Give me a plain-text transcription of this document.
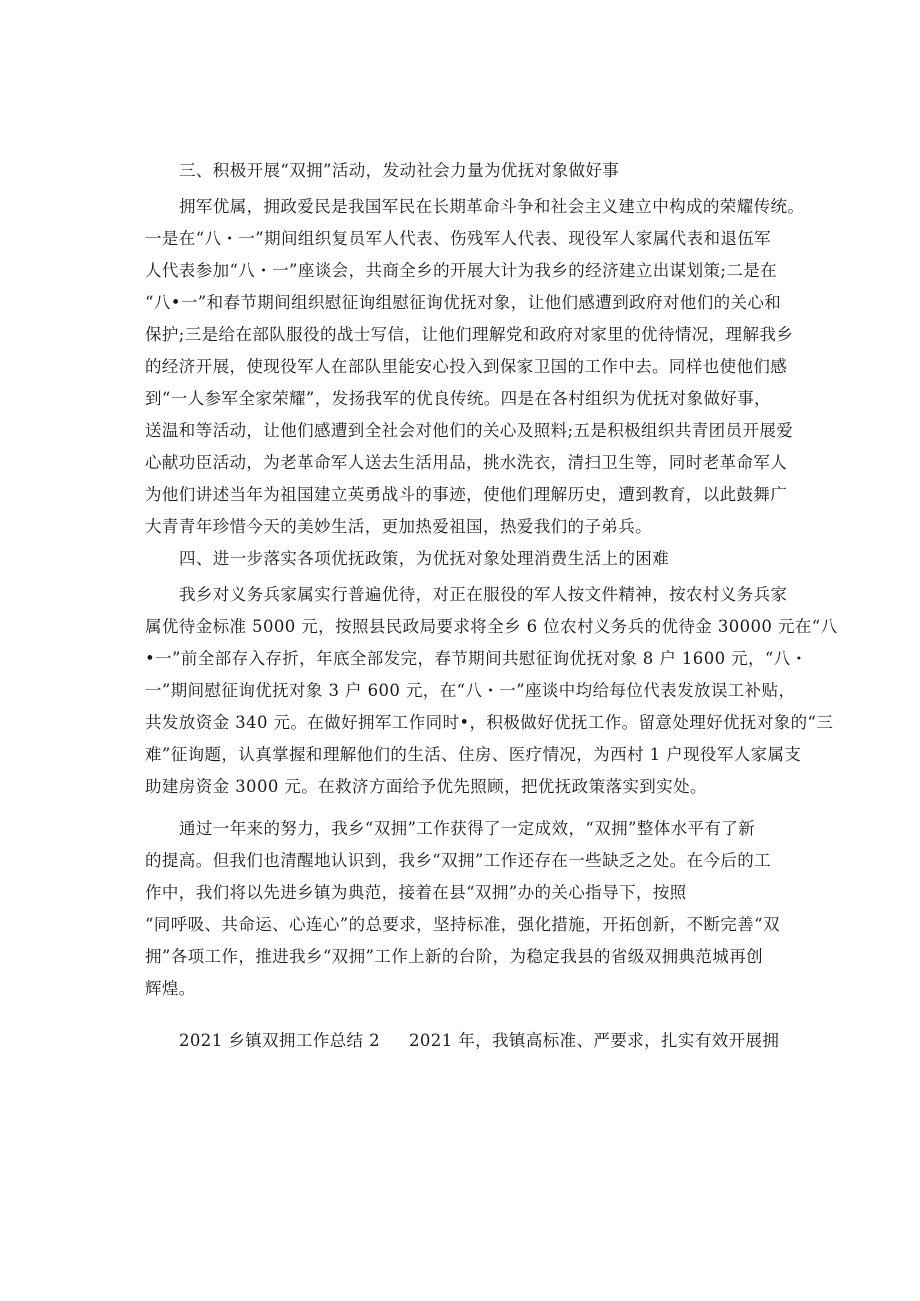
三、积极开展“双拥”活动，发动社会力量为优抚对象做好事
拥军优属，拥政爱民是我国军民在长期革命斗争和社会主义建立中构成的荣耀传统。
一是在“八・一”期间组织复员军人代表、伤残军人代表、现役军人家属代表和退伍军
人代表参加“八・一”座谈会，共商全乡的开展大计为我乡的经济建立出谋划策;二是在
“八•一”和春节期间组织慰征询组慰征询优抚对象，让他们感遭到政府对他们的关心和
保护;三是给在部队服役的战士写信，让他们理解党和政府对家里的优待情况，理解我乡
的经济开展，使现役军人在部队里能安心投入到保家卫国的工作中去。同样也使他们感
到“一人参军全家荣耀”，发扬我军的优良传统。四是在各村组织为优抚对象做好事，
送温和等活动，让他们感遭到全社会对他们的关心及照料;五是积极组织共青团员开展爱
心献功臣活动，为老革命军人送去生活用品，挑水洗衣，清扫卫生等，同时老革命军人
为他们讲述当年为祖国建立英勇战斗的事迹，使他们理解历史，遭到教育，以此鼓舞广
大青青年珍惜今天的美妙生活，更加热爱祖国，热爱我们的子弟兵。
四、进一步落实各项优抚政策，为优抚对象处理消费生活上的困难
我乡对义务兵家属实行普遍优待，对正在服役的军人按文件精神，按农村义务兵家
属优待金标准 5000 元，按照县民政局要求将全乡 6 位农村义务兵的优待金 30000 元在“八
•一”前全部存入存折，年底全部发完，春节期间共慰征询优抚对象 8 户 1600 元，“八・
一”期间慰征询优抚对象 3 户 600 元，在“八・一”座谈中均给每位代表发放误工补贴，
共发放资金 340 元。在做好拥军工作同时•，积极做好优抚工作。留意处理好优抚对象的“三
难”征询题，认真掌握和理解他们的生活、住房、医疗情况，为西村 1 户现役军人家属支
助建房资金 3000 元。在救济方面给予优先照顾，把优抚政策落实到实处。
通过一年来的努力，我乡“双拥”工作获得了一定成效，“双拥”整体水平有了新
的提高。但我们也清醒地认识到，我乡“双拥”工作还存在一些缺乏之处。在今后的工
作中，我们将以先进乡镇为典范，接着在县“双拥”办的关心指导下，按照
“同呼吸、共命运、心连心”的总要求，坚持标准，强化措施，开拓创新，不断完善“双
拥”各项工作，推进我乡“双拥”工作上新的台阶，为稳定我县的省级双拥典范城再创
辉煌。
2021 乡镇双拥工作总结 2	2021 年，我镇高标准、严要求，扎实有效开展拥
